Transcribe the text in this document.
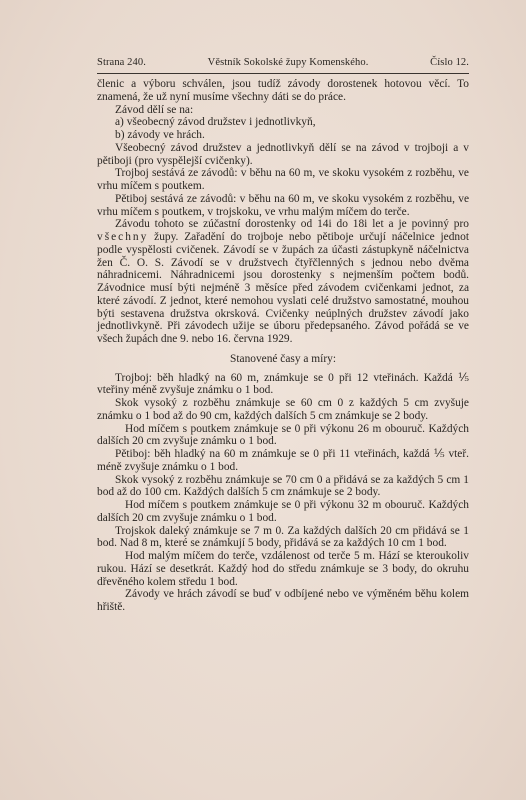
Strana 240.	Věstník Sokolské župy Komenského.	Číslo 12.

členic a výboru schválen, jsou tudíž závody dorostenek hotovou věcí. To znamená, že už nyní musíme všechny dáti se do práce.

Závod dělí se na:

a) všeobecný závod družstev i jednotlivkyň,

b) závody ve hrách.

Všeobecný závod družstev a jednotlivkyň dělí se na závod v trojboji a v pětiboji (pro vyspělejší cvičenky).

Trojboj sestává ze závodů: v běhu na 60 m, ve skoku vysokém z rozběhu, ve vrhu míčem s poutkem.

Pětiboj sestává ze závodů: v běhu na 60 m, ve skoku vysokém z rozběhu, ve vrhu míčem s poutkem, v trojskoku, ve vrhu malým míčem do terče.

Závodu tohoto se zúčastní dorostenky od 14i do 18i let a je povinný pro všechny župy. Zařadění do trojboje nebo pětiboje určují náčelnice jednot podle vyspělosti cvičenek. Závodí se v župách za účasti zástupkyně náčelnictva žen Č. O. S. Závodí se v družstvech čtyřčlenných s jednou nebo dvěma náhradnicemi. Náhradnicemi jsou dorostenky s nejmenším počtem bodů. Závodnice musí býti nejméně 3 měsíce před závodem cvičenkami jednot, za které závodí. Z jednot, které nemohou vyslati celé družstvo samostatné, mouhou býti sestavena družstva okrsková. Cvičenky neúplných družstev závodí jako jednotlivkyně. Při závodech užije se úboru předepsaného. Závod pořádá se ve všech župách dne 9. nebo 16. června 1929.

Stanovené časy a míry:

Trojboj: běh hladký na 60 m, známkuje se 0 při 12 vteřinách. Každá ⅕ vteřiny méně zvyšuje známku o 1 bod.

Skok vysoký z rozběhu známkuje se 60 cm 0 z každých 5 cm zvyšuje známku o 1 bod až do 90 cm, každých dalších 5 cm známkuje se 2 body.

Hod míčem s poutkem známkuje se 0 při výkonu 26 m obouruč. Každých dalších 20 cm zvyšuje známku o 1 bod.

Pětiboj: běh hladký na 60 m známkuje se 0 při 11 vteřinách, každá ⅕ vteř. méně zvyšuje známku o 1 bod.

Skok vysoký z rozběhu známkuje se 70 cm 0 a přidává se za každých 5 cm 1 bod až do 100 cm. Každých dalších 5 cm známkuje se 2 body.

Hod míčem s poutkem známkuje se 0 při výkonu 32 m obouruč. Každých dalších 20 cm zvyšuje známku o 1 bod.

Trojskok daleký známkuje se 7 m 0. Za každých dalších 20 cm přidává se 1 bod. Nad 8 m, které se známkují 5 body, přidává se za každých 10 cm 1 bod.

Hod malým míčem do terče, vzdálenost od terče 5 m. Hází se kteroukoliv rukou. Hází se desetkrát. Každý hod do středu známkuje se 3 body, do okruhu dřevěného kolem středu 1 bod.

Závody ve hrách závodí se buď v odbíjené nebo ve výměném běhu kolem hřiště.
